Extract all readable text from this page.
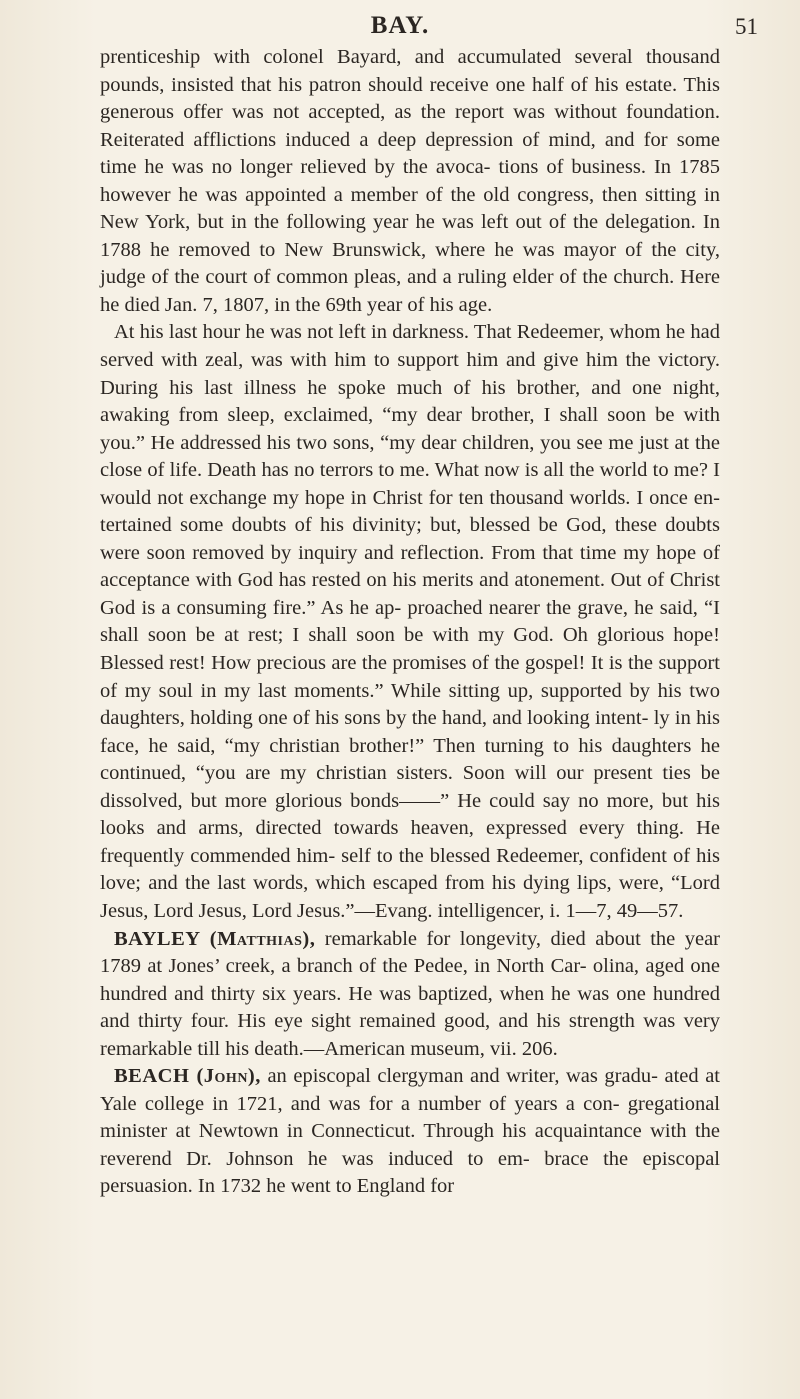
BAY.	51

prenticeship with colonel Bayard, and accumulated several thousand pounds, insisted that his patron should receive one half of his estate. This generous offer was not accepted, as the report was without foundation. Reiterated afflictions induced a deep depression of mind, and for some time he was no longer relieved by the avoca- tions of business. In 1785 however he was appointed a member of the old congress, then sitting in New York, but in the following year he was left out of the delegation. In 1788 he removed to New Brunswick, where he was mayor of the city, judge of the court of common pleas, and a ruling elder of the church. Here he died Jan. 7, 1807, in the 69th year of his age.

At his last hour he was not left in darkness. That Redeemer, whom he had served with zeal, was with him to support him and give him the victory. During his last illness he spoke much of his brother, and one night, awaking from sleep, exclaimed, “my dear brother, I shall soon be with you.” He addressed his two sons, “my dear children, you see me just at the close of life. Death has no terrors to me. What now is all the world to me? I would not exchange my hope in Christ for ten thousand worlds. I once en- tertained some doubts of his divinity; but, blessed be God, these doubts were soon removed by inquiry and reflection. From that time my hope of acceptance with God has rested on his merits and atonement. Out of Christ God is a consuming fire.” As he ap- proached nearer the grave, he said, “I shall soon be at rest; I shall soon be with my God. Oh glorious hope! Blessed rest! How precious are the promises of the gospel! It is the support of my soul in my last moments.” While sitting up, supported by his two daughters, holding one of his sons by the hand, and looking intent- ly in his face, he said, “my christian brother!” Then turning to his daughters he continued, “you are my christian sisters. Soon will our present ties be dissolved, but more glorious bonds——” He could say no more, but his looks and arms, directed towards heaven, expressed every thing. He frequently commended him- self to the blessed Redeemer, confident of his love; and the last words, which escaped from his dying lips, were, “Lord Jesus, Lord Jesus, Lord Jesus.”—Evang. intelligencer, i. 1—7, 49—57.

BAYLEY (Matthias), remarkable for longevity, died about the year 1789 at Jones’ creek, a branch of the Pedee, in North Car- olina, aged one hundred and thirty six years. He was baptized, when he was one hundred and thirty four. His eye sight remained good, and his strength was very remarkable till his death.—American museum, vii. 206.

BEACH (John), an episcopal clergyman and writer, was gradu- ated at Yale college in 1721, and was for a number of years a con- gregational minister at Newtown in Connecticut. Through his acquaintance with the reverend Dr. Johnson he was induced to em- brace the episcopal persuasion. In 1732 he went to England for
